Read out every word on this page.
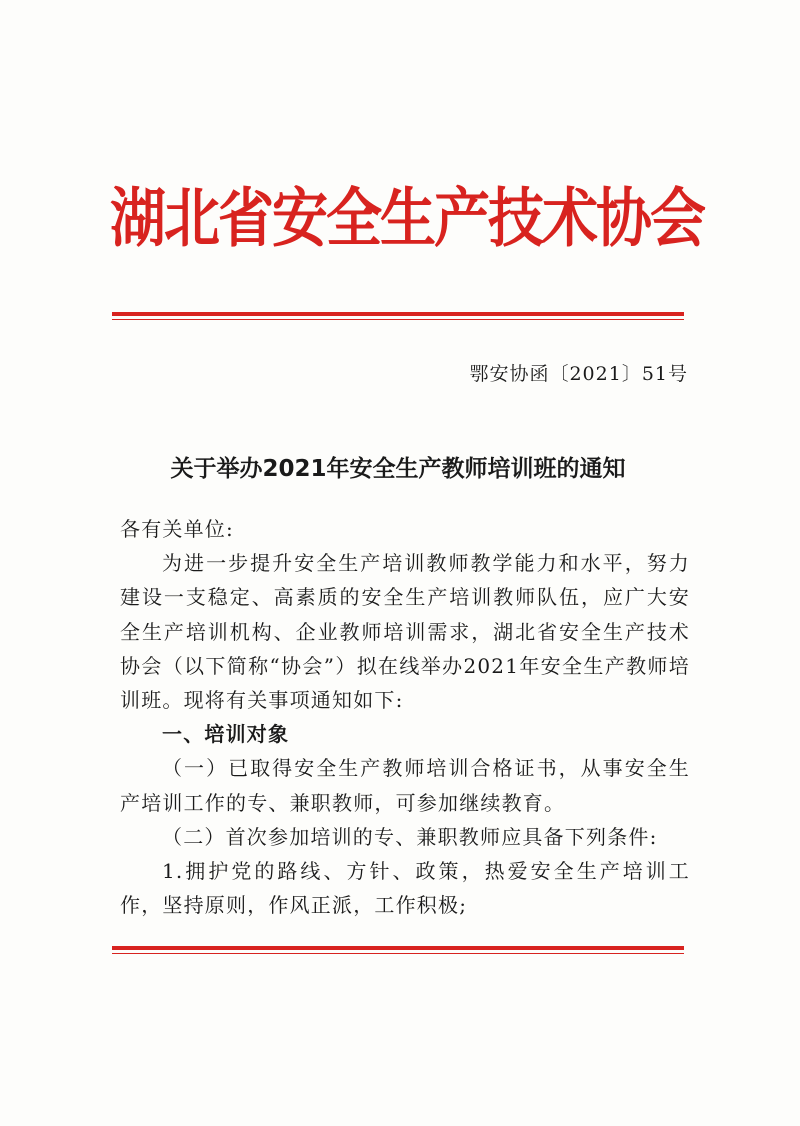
湖北省安全生产技术协会
鄂安协函〔2021〕51号
关于举办2021年安全生产教师培训班的通知

各有关单位:

为进一步提升安全生产培训教师教学能力和水平，努力建设一支稳定、高素质的安全生产培训教师队伍，应广大安全生产培训机构、企业教师培训需求，湖北省安全生产技术协会（以下简称“协会”）拟在线举办2021年安全生产教师培训班。现将有关事项通知如下:

一、培训对象

（一）已取得安全生产教师培训合格证书，从事安全生产培训工作的专、兼职教师，可参加继续教育。

（二）首次参加培训的专、兼职教师应具备下列条件:

1.拥护党的路线、方针、政策，热爱安全生产培训工作，坚持原则，作风正派，工作积极;
